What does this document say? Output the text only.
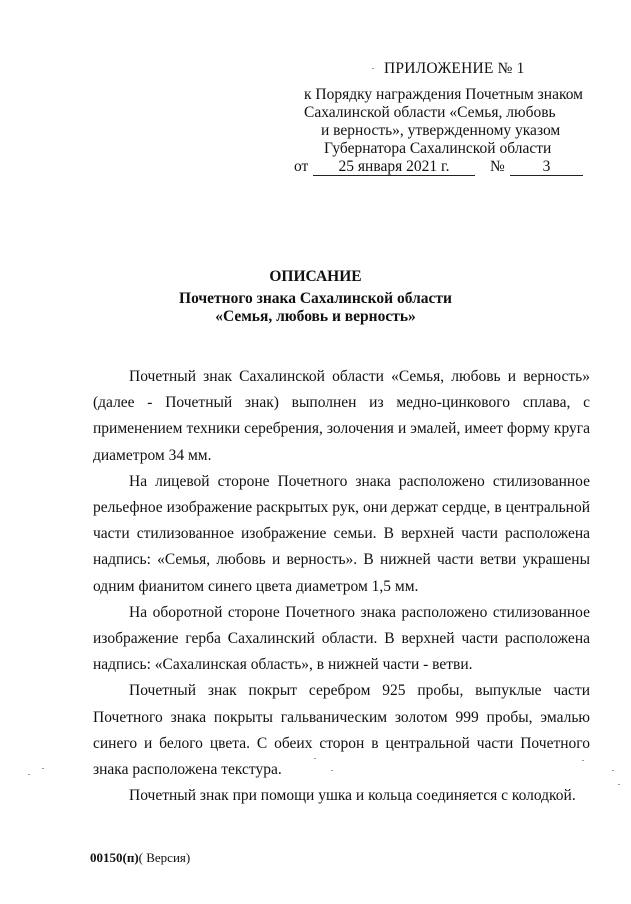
ПРИЛОЖЕНИЕ № 1
к Порядку награждения Почетным знаком
Сахалинской области «Семья, любовь
и верность», утвержденному указом
Губернатора Сахалинской области
от	25 января 2021 г.	№	3
ОПИСАНИЕ
Почетного знака Сахалинской области
«Семья, любовь и верность»

Почетный знак Сахалинской области «Семья, любовь и верность» (далее - Почетный знак) выполнен из медно-цинкового сплава, с применением техники серебрения, золочения и эмалей, имеет форму круга диаметром 34 мм.

На лицевой стороне Почетного знака расположено стилизованное рельефное изображение раскрытых рук, они держат сердце, в центральной части стилизованное изображение семьи. В верхней части расположена надпись: «Семья, любовь и верность». В нижней части ветви украшены одним фианитом синего цвета диаметром 1,5 мм.

На оборотной стороне Почетного знака расположено стилизованное изображение герба Сахалинский области. В верхней части расположена надпись: «Сахалинская область», в нижней части - ветви.

Почетный знак покрыт серебром 925 пробы, выпуклые части Почетного знака покрыты гальваническим золотом 999 пробы, эмалью синего и белого цвета. С обеих сторон в центральной части Почетного знака расположена текстура.

Почетный знак при помощи ушка и кольца соединяется с колодкой.

00150(п)( Версия)
